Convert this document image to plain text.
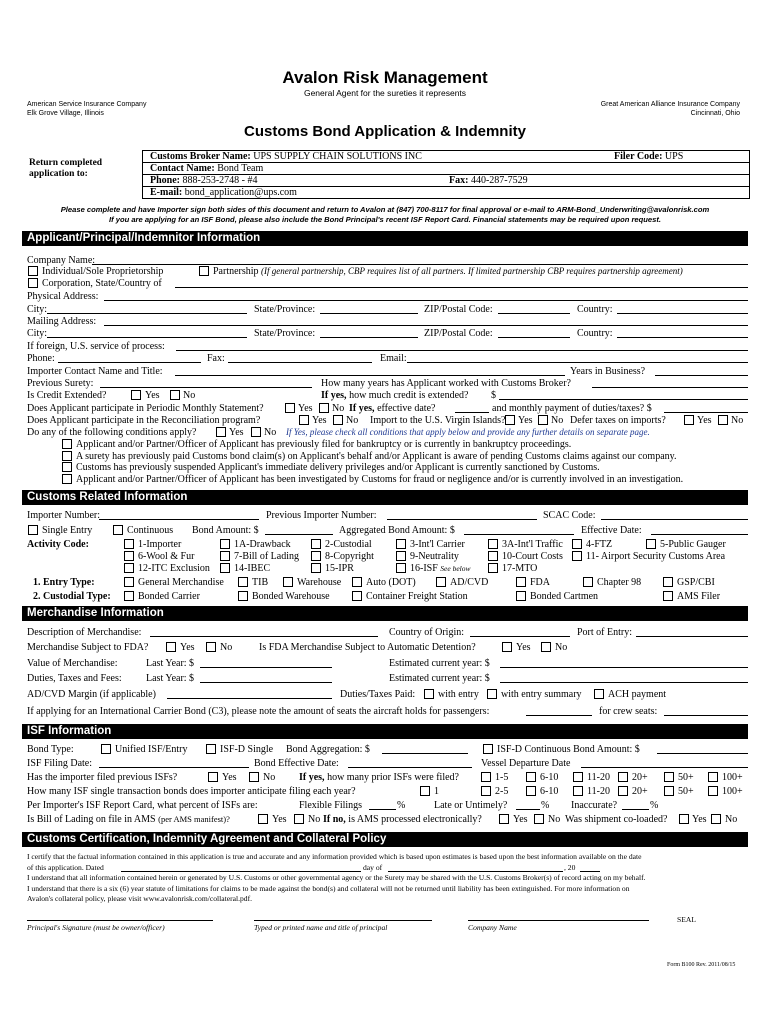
Avalon Risk Management
General Agent for the sureties it represents
American Service Insurance Company
Elk Grove Village, Illinois
Great American Alliance Insurance Company
Cincinnati, Ohio
Customs Bond Application & Indemnity
Return completed application to:
Customs Broker Name: UPS SUPPLY CHAIN SOLUTIONS INC	Filer Code: UPS
Contact Name: Bond Team
Phone: 888-253-2748 - #4	Fax: 440-287-7529
E-mail: bond_application@ups.com
Please complete and have Importer sign both sides of this document and return to Avalon at (847) 700-8117 for final approval or e-mail to ARM-Bond_Underwriting@avalonrisk.com
If you are applying for an ISF Bond, please also include the Bond Principal's recent ISF Report Card. Financial statements may be required upon request.
Applicant/Principal/Indemnitor Information
Company Name:
Individual/Sole Proprietorship	Partnership (If general partnership, CBP requires list of all partners. If limited partnership CBP requires partnership agreement)
Corporation, State/Country of
Physical Address:
City:	State/Province:	ZIP/Postal Code:	Country:
Mailing Address:
City:	State/Province:	ZIP/Postal Code:	Country:
If foreign, U.S. service of process:
Phone:	Fax:	Email:
Importer Contact Name and Title:	Years in Business?
Previous Surety:	How many years has Applicant worked with Customs Broker?
Is Credit Extended?	Yes No	If yes, how much credit is extended? $
Does Applicant participate in Periodic Monthly Statement?	Yes No If yes, effective date?	and monthly payment of duties/taxes? $
Does Applicant participate in the Reconciliation program?	Yes No Import to the U.S. Virgin Islands? Yes No Defer taxes on imports?	Yes No
Do any of the following conditions apply?	Yes No If Yes, please check all conditions that apply below and provide any further details on separate page.
Applicant and/or Partner/Officer of Applicant has previously filed for bankruptcy or is currently in bankruptcy proceedings.
A surety has previously paid Customs bond claim(s) on Applicant's behalf and/or Applicant is aware of pending Customs claims against our company.
Customs has previously suspended Applicant's immediate delivery privileges and/or Applicant is currently sanctioned by Customs.
Applicant and/or Partner/Officer of Applicant has been investigated by Customs for fraud or negligence and/or is currently involved in an investigation.
Customs Related Information
Importer Number:	Previous Importer Number:	SCAC Code:
Single Entry	Continuous Bond Amount: $	Aggregated Bond Amount: $	Effective Date:
Activity Code:	1-Importer	1A-Drawback	2-Custodial	3-Int'l Carrier	3A-Int'l Traffic 4-FTZ	5-Public Gauger
6-Wool & Fur	7-Bill of Lading	8-Copyright	9-Neutrality	10-Court Costs 11- Airport Security Customs Area
12-ITC Exclusion 14-IBEC	15-IPR	16-ISF See below	17-MTO
1. Entry Type:	General Merchandise	TIB	Warehouse Auto (DOT)	AD/CVD	FDA	Chapter 98	GSP/CBI
2. Custodial Type:	Bonded Carrier	Bonded Warehouse	Container Freight Station	Bonded Cartmen	AMS Filer
Merchandise Information
Description of Merchandise:	Country of Origin:	Port of Entry:
Merchandise Subject to FDA?	Yes	No	Is FDA Merchandise Subject to Automatic Detention?	Yes No
Value of Merchandise:	Last Year: $	Estimated current year: $
Duties, Taxes and Fees: Last Year: $	Estimated current year: $
AD/CVD Margin (if applicable)	Duties/Taxes Paid: with entry with entry summary	ACH payment
If applying for an International Carrier Bond (C3), please note the amount of seats the aircraft holds for passengers:	for crew seats:
ISF Information
Bond Type:	Unified ISF/Entry	ISF-D Single Bond Aggregation: $	ISF-D Continuous Bond Amount: $
ISF Filing Date:	Bond Effective Date:	Vessel Departure Date
Has the importer filed previous ISFs?	Yes	No If yes, how many prior ISFs were filed?	1-5	6-10	11-20 20+	50+	100+
How many ISF single transaction bonds does importer anticipate filing each year?	1	2-5	6-10	11-20 20+	50+	100+
Per Importer's ISF Report Card, what percent of ISFs are:	Flexible Filings	%	Late or Untimely?	% Inaccurate?	%
Is Bill of Lading on file in AMS (per AMS manifest)?	Yes No If no, is AMS processed electronically?	Yes No Was shipment co-loaded? Yes No
Customs Certification, Indemnity Agreement and Collateral Policy
I certify that the factual information contained in this application is true and accurate and any information provided which is based upon estimates is based upon the best information available on the date
of this application. Dated	day of	, 20
I understand that all information contained herein or generated by U.S. Customs or other governmental agency or the Surety may be shared with the U.S. Customs Broker(s) of record acting on my behalf.
I understand that there is a six (6) year statute of limitations for claims to be made against the bond(s) and collateral will not be returned until liability has been extinguished. For more information on
Avalon's collateral policy, please visit www.avalonrisk.com/collateral.pdf.
SEAL
Principal's Signature (must be owner/officer)	Typed or printed name and title of principal	Company Name
Form B100 Rev. 2011/08/15
